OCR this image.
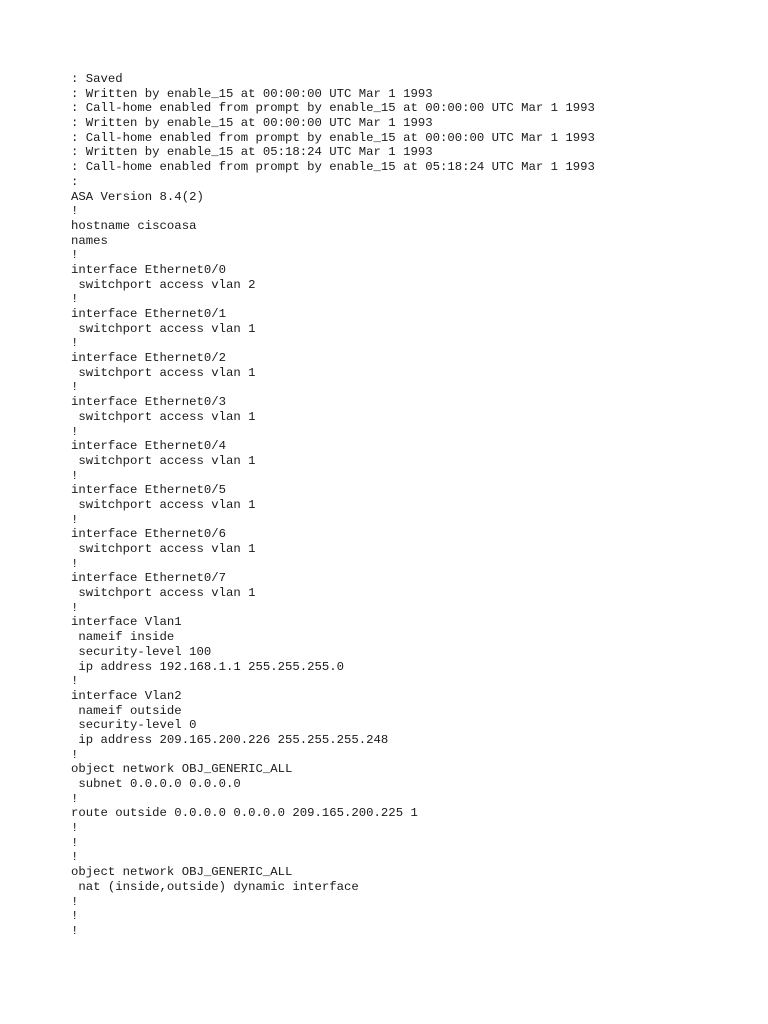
: Saved
: Written by enable_15 at 00:00:00 UTC Mar 1 1993
: Call-home enabled from prompt by enable_15 at 00:00:00 UTC Mar 1 1993
: Written by enable_15 at 00:00:00 UTC Mar 1 1993
: Call-home enabled from prompt by enable_15 at 00:00:00 UTC Mar 1 1993
: Written by enable_15 at 05:18:24 UTC Mar 1 1993
: Call-home enabled from prompt by enable_15 at 05:18:24 UTC Mar 1 1993
:
ASA Version 8.4(2)
!
hostname ciscoasa
names
!
interface Ethernet0/0
switchport access vlan 2
!
interface Ethernet0/1
switchport access vlan 1
!
interface Ethernet0/2
switchport access vlan 1
!
interface Ethernet0/3
switchport access vlan 1
!
interface Ethernet0/4
switchport access vlan 1
!
interface Ethernet0/5
switchport access vlan 1
!
interface Ethernet0/6
switchport access vlan 1
!
interface Ethernet0/7
switchport access vlan 1
!
interface Vlan1
nameif inside
security-level 100
ip address 192.168.1.1 255.255.255.0
!
interface Vlan2
nameif outside
security-level 0
ip address 209.165.200.226 255.255.255.248
!
object network OBJ_GENERIC_ALL
subnet 0.0.0.0 0.0.0.0
!
route outside 0.0.0.0 0.0.0.0 209.165.200.225 1
!
!
!
object network OBJ_GENERIC_ALL
nat (inside,outside) dynamic interface
!
!
!
